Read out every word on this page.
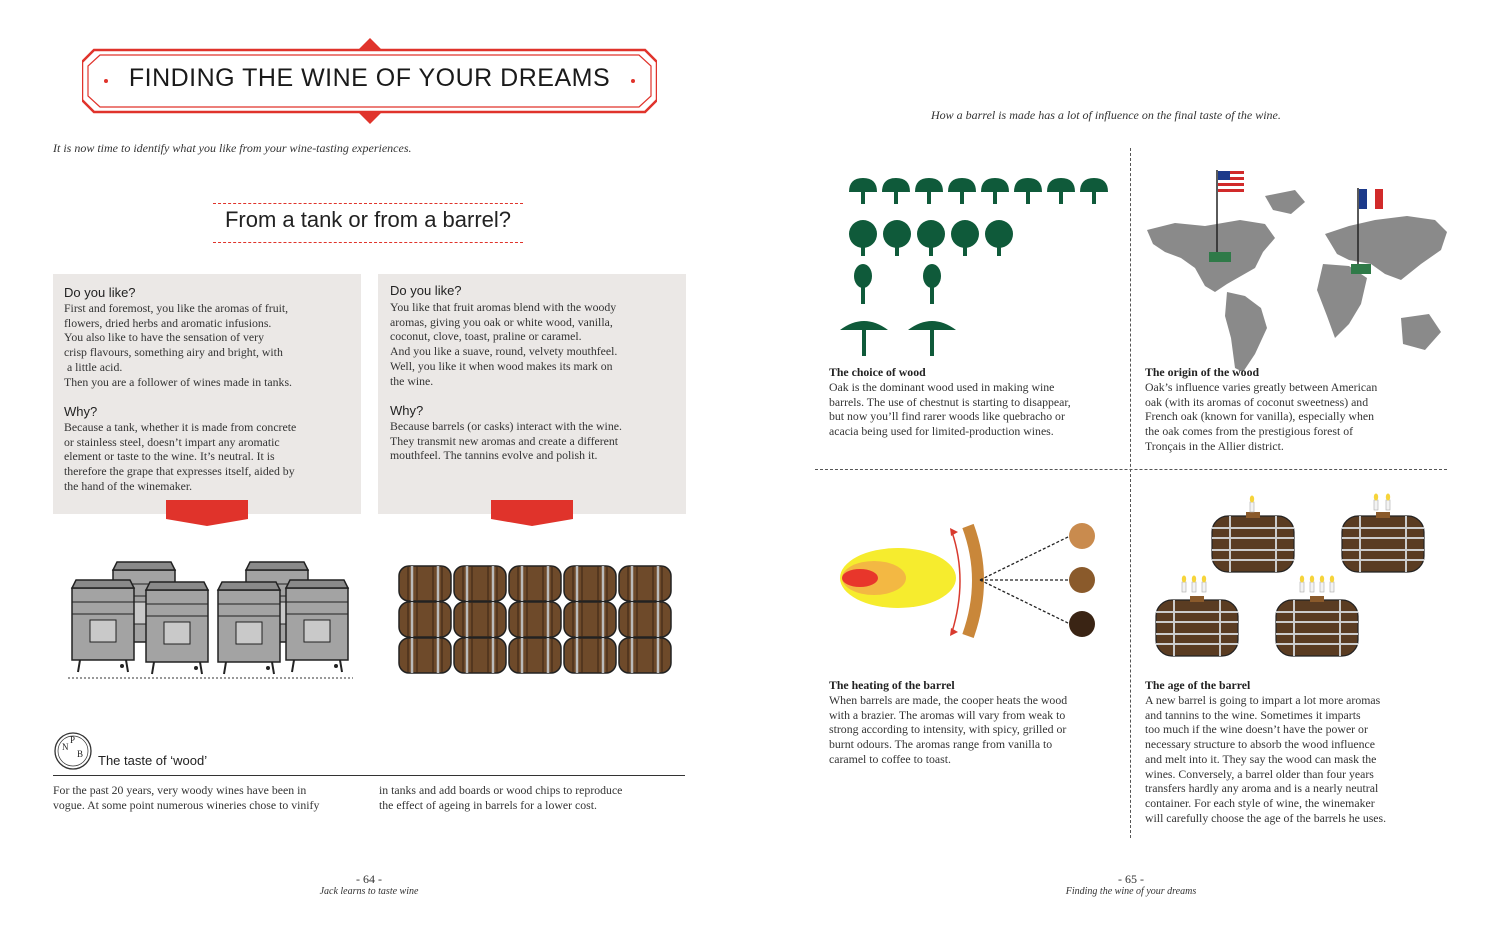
FINDING THE WINE OF YOUR DREAMS
It is now time to identify what you like from your wine-tasting experiences.
From a tank or from a barrel?
Do you like?
First and foremost, you like the aromas of fruit,
flowers, dried herbs and aromatic infusions.
You also like to have the sensation of very
crisp flavours, something airy and bright, with
a little acid.
Then you are a follower of wines made in tanks.
Why?
Because a tank, whether it is made from concrete
or stainless steel, doesn’t impart any aromatic
element or taste to the wine. It’s neutral. It is
therefore the grape that expresses itself, aided by
the hand of the winemaker.
Do you like?
You like that fruit aromas blend with the woody
aromas, giving you oak or white wood, vanilla,
coconut, clove, toast, praline or caramel.
And you like a suave, round, velvety mouthfeel.
Well, you like it when wood makes its mark on
the wine.
Why?
Because barrels (or casks) interact with the wine.
They transmit new aromas and create a different
mouthfeel. The tannins evolve and polish it.
N
P
B The taste of ‘wood’
For the past 20 years, very woody wines have been in
vogue. At some point numerous wineries chose to vinify
in tanks and add boards or wood chips to reproduce
the effect of ageing in barrels for a lower cost.
- 64 -
Jack learns to taste wine
How a barrel is made has a lot of influence on the final taste of the wine.
The choice of wood
Oak is the dominant wood used in making wine
barrels. The use of chestnut is starting to disappear,
but now you’ll find rarer woods like quebracho or
acacia being used for limited-production wines.
The origin of the wood
Oak’s influence varies greatly between American
oak (with its aromas of coconut sweetness) and
French oak (known for vanilla), especially when
the oak comes from the prestigious forest of
Tronçais in the Allier district.
The heating of the barrel
When barrels are made, the cooper heats the wood
with a brazier. The aromas will vary from weak to
strong according to intensity, with spicy, grilled or
burnt odours. The aromas range from vanilla to
caramel to coffee to toast.
The age of the barrel
A new barrel is going to impart a lot more aromas
and tannins to the wine. Sometimes it imparts
too much if the wine doesn’t have the power or
necessary structure to absorb the wood influence
and melt into it. They say the wood can mask the
wines. Conversely, a barrel older than four years
transfers hardly any aroma and is a nearly neutral
container. For each style of wine, the winemaker
will carefully choose the age of the barrels he uses.
- 65 -
Finding the wine of your dreams
